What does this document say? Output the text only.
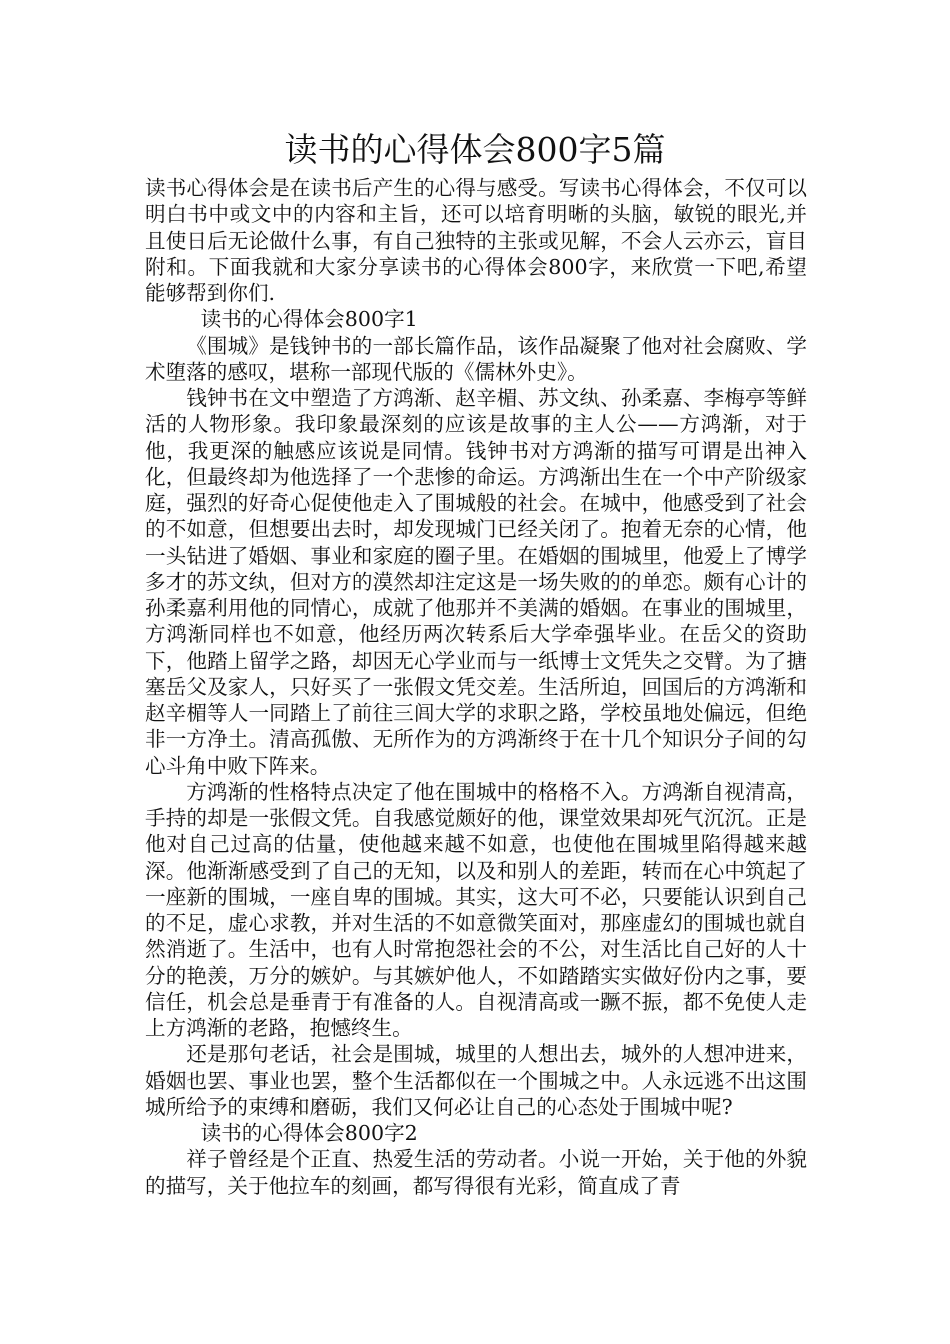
读书的心得体会800字5篇

读书心得体会是在读书后产生的心得与感受。写读书心得体会，不仅可以明白书中或文中的内容和主旨，还可以培育明晰的头脑，敏锐的眼光,并且使日后无论做什么事，有自己独特的主张或见解，不会人云亦云，盲目附和。下面我就和大家分享读书的心得体会800字，来欣赏一下吧,希望能够帮到你们.

读书的心得体会800字1

《围城》是钱钟书的一部长篇作品，该作品凝聚了他对社会腐败、学术堕落的感叹，堪称一部现代版的《儒林外史》。

钱钟书在文中塑造了方鸿渐、赵辛楣、苏文纨、孙柔嘉、李梅亭等鲜活的人物形象。我印象最深刻的应该是故事的主人公——方鸿渐，对于他，我更深的触感应该说是同情。钱钟书对方鸿渐的描写可谓是出神入化，但最终却为他选择了一个悲惨的命运。方鸿渐出生在一个中产阶级家庭，强烈的好奇心促使他走入了围城般的社会。在城中，他感受到了社会的不如意，但想要出去时，却发现城门已经关闭了。抱着无奈的心情，他一头钻进了婚姻、事业和家庭的圈子里。在婚姻的围城里，他爱上了博学多才的苏文纨，但对方的漠然却注定这是一场失败的的单恋。颇有心计的孙柔嘉利用他的同情心，成就了他那并不美满的婚姻。在事业的围城里，方鸿渐同样也不如意，他经历两次转系后大学牵强毕业。在岳父的资助下，他踏上留学之路，却因无心学业而与一纸博士文凭失之交臂。为了搪塞岳父及家人，只好买了一张假文凭交差。生活所迫，回国后的方鸿渐和赵辛楣等人一同踏上了前往三闾大学的求职之路，学校虽地处偏远，但绝非一方净土。清高孤傲、无所作为的方鸿渐终于在十几个知识分子间的勾心斗角中败下阵来。

方鸿渐的性格特点决定了他在围城中的格格不入。方鸿渐自视清高，手持的却是一张假文凭。自我感觉颇好的他，课堂效果却死气沉沉。正是他对自己过高的估量，使他越来越不如意，也使他在围城里陷得越来越深。他渐渐感受到了自己的无知，以及和别人的差距，转而在心中筑起了一座新的围城，一座自卑的围城。其实，这大可不必，只要能认识到自己的不足，虚心求教，并对生活的不如意微笑面对，那座虚幻的围城也就自然消逝了。生活中，也有人时常抱怨社会的不公，对生活比自己好的人十分的艳羡，万分的嫉妒。与其嫉妒他人，不如踏踏实实做好份内之事，要信任，机会总是垂青于有准备的人。自视清高或一蹶不振，都不免使人走上方鸿渐的老路，抱憾终生。

还是那句老话，社会是围城，城里的人想出去，城外的人想冲进来，婚姻也罢、事业也罢，整个生活都似在一个围城之中。人永远逃不出这围城所给予的束缚和磨砺，我们又何必让自己的心态处于围城中呢?

读书的心得体会800字2

祥子曾经是个正直、热爱生活的劳动者。小说一开始，关于他的外貌的描写，关于他拉车的刻画，都写得很有光彩，简直成了青
